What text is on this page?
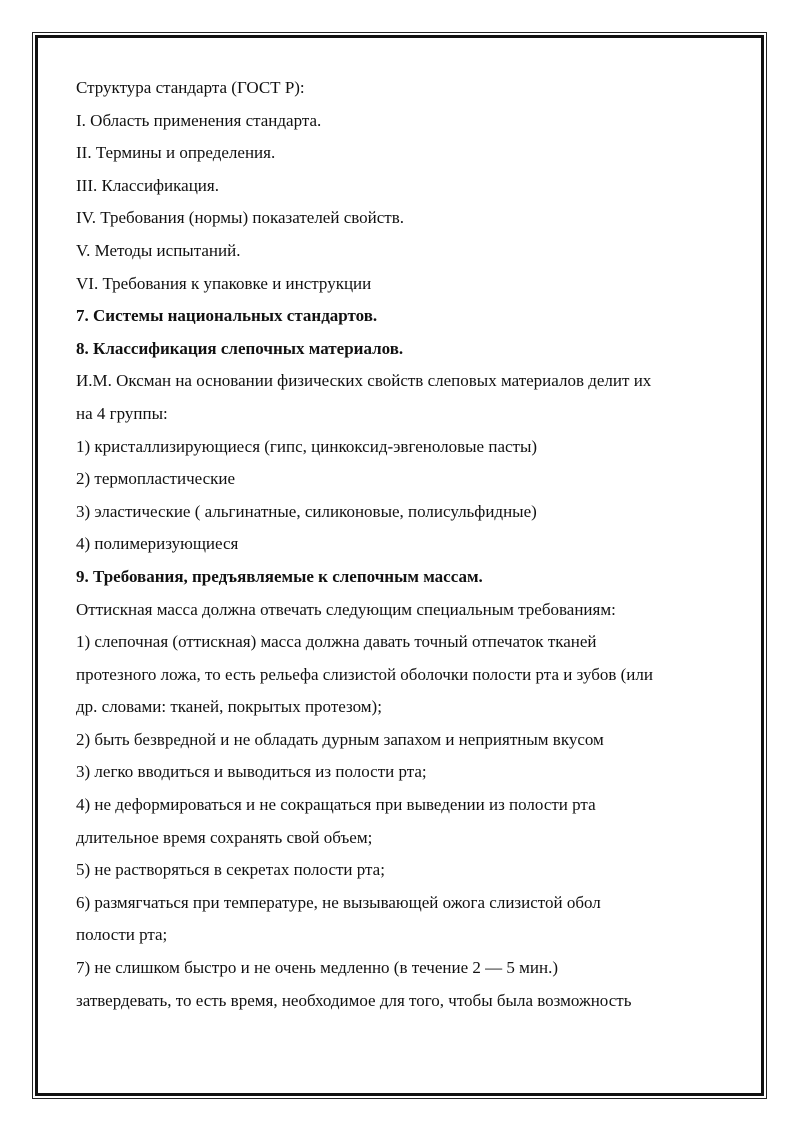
Структура стандарта (ГОСТ Р):
I. Область применения стандарта.
II. Термины и определения.
III. Классификация.
IV. Требования (нормы) показателей свойств.
V. Методы испытаний.
VI. Требования к упаковке и инструкции
7. Системы национальных стандартов.
8. Классификация слепочных материалов.
И.М. Оксман на основании физических свойств слеповых материалов делит их
на 4 группы:
1) кристаллизирующиеся (гипс, цинкоксид-эвгеноловые пасты)
2) термопластические
3) эластические ( альгинатные, силиконовые, полисульфидные)
4) полимеризующиеся
9. Требования, предъявляемые к слепочным массам.
Оттискная масса должна отвечать следующим специальным требованиям:
1) слепочная (оттискная) масса должна давать точный отпечаток тканей
протезного ложа, то есть рельефа слизистой оболочки полости рта и зубов (или
др. словами: тканей, покрытых протезом);
2) быть безвредной и не обладать дурным запахом и неприятным вкусом
3) легко вводиться и выводиться из полости рта;
4) не деформироваться и не сокращаться при выведении из полости рта
длительное время сохранять свой объем;
5) не растворяться в секретах полости рта;
6) размягчаться при температуре, не вызывающей ожога слизистой обол
полости рта;
7) не слишком быстро и не очень медленно (в течение 2 — 5 мин.)
затвердевать, то есть время, необходимое для того, чтобы была возможность
